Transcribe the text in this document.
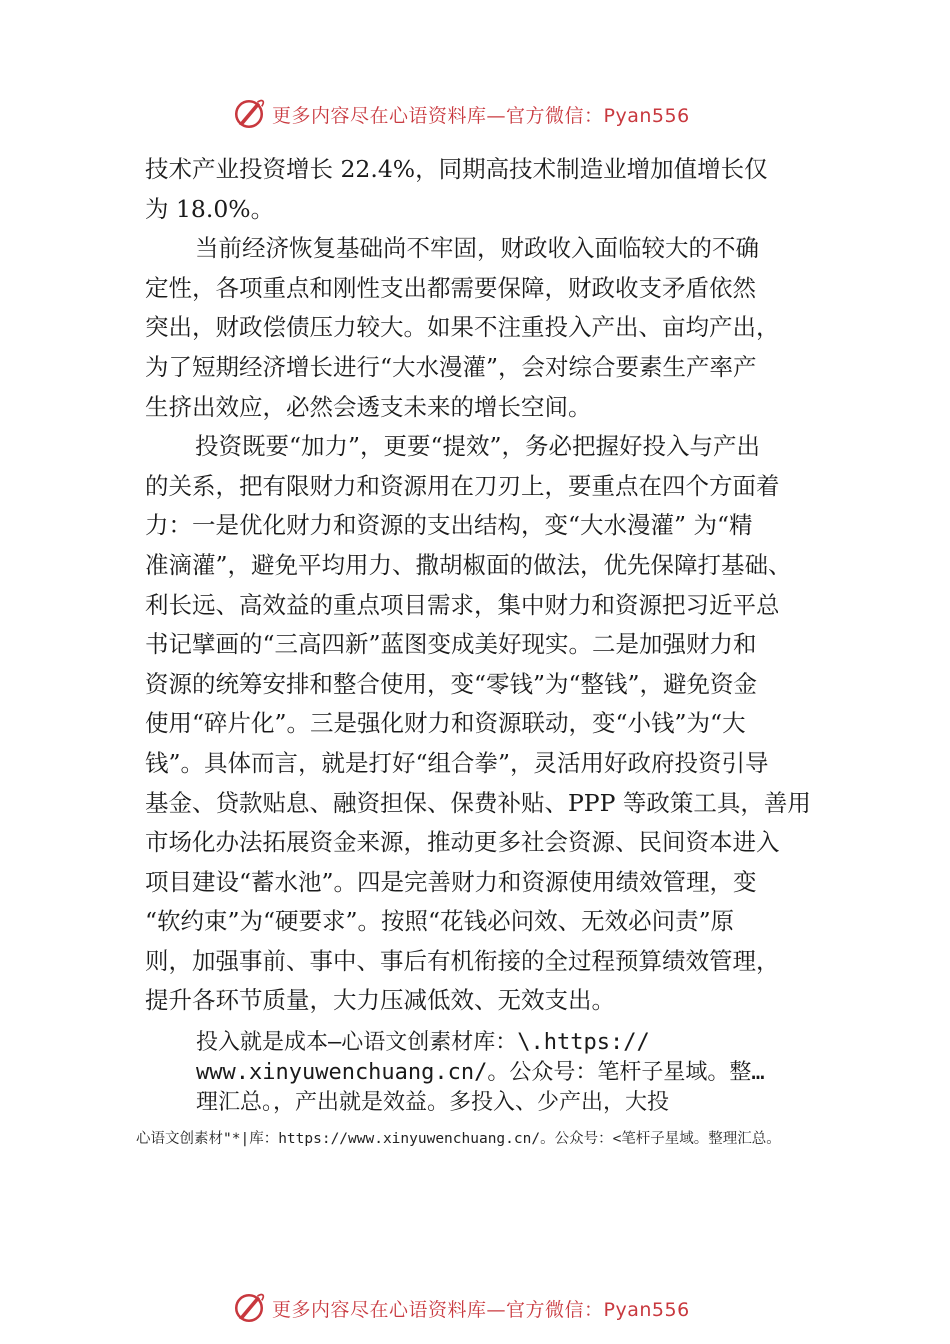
更多内容尽在心语资料库—官方微信：Pyan556
技术产业投资增长 22.4%，同期高技术制造业增加值增长仅
为 18.0%。
当前经济恢复基础尚不牢固，财政收入面临较大的不确
定性，各项重点和刚性支出都需要保障，财政收支矛盾依然
突出，财政偿债压力较大。如果不注重投入产出、亩均产出，
为了短期经济增长进行“大水漫灌”，会对综合要素生产率产
生挤出效应，必然会透支未来的增长空间。
投资既要“加力”，更要“提效”，务必把握好投入与产出
的关系，把有限财力和资源用在刀刃上，要重点在四个方面着
力：一是优化财力和资源的支出结构，变“大水漫灌” 为“精
准滴灌”，避免平均用力、撒胡椒面的做法，优先保障打基础、
利长远、高效益的重点项目需求，集中财力和资源把习近平总
书记擘画的“三高四新”蓝图变成美好现实。二是加强财力和
资源的统筹安排和整合使用，变“零钱”为“整钱”，避免资金
使用“碎片化”。三是强化财力和资源联动，变“小钱”为“大
钱”。具体而言，就是打好“组合拳”，灵活用好政府投资引导
基金、贷款贴息、融资担保、保费补贴、PPP 等政策工具，善用
市场化办法拓展资金来源，推动更多社会资源、民间资本进入
项目建设“蓄水池”。四是完善财力和资源使用绩效管理，变
“软约束”为“硬要求”。按照“花钱必问效、无效必问责”原
则，加强事前、事中、事后有机衔接的全过程预算绩效管理，
提升各环节质量，大力压减低效、无效支出。
投入就是成本—心语文创素材库：\.https://
www.xinyuwenchuang.cn/。公众号：笔杆子星域。整…
理汇总。，产出就是效益。多投入、少产出，大投
心语文创素材"*|库：https://www.xinyuwenchuang.cn/。公众号：<笔杆子星域。整理汇总。
更多内容尽在心语资料库—官方微信：Pyan556
